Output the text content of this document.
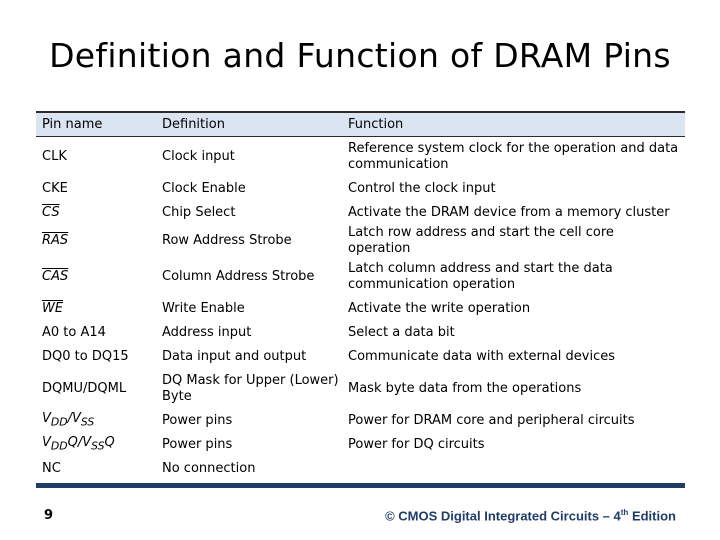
Definition and Function of DRAM Pins
Pin name	Definition	Function
CLK	Clock input	Reference system clock for the operation and data communication
CKE	Clock Enable	Control the clock input
$\overline{CS}$	Chip Select	Activate the DRAM device from a memory cluster
$\overline{RAS}$	Row Address Strobe	Latch row address and start the cell core operation
$\overline{CAS}$	Column Address Strobe	Latch column address and start the data communication operation
$\overline{WE}$	Write Enable	Activate the write operation
A0 to A14	Address input	Select a data bit
DQ0 to DQ15	Data input and output	Communicate data with external devices
DQMU/DQML	DQ Mask for Upper (Lower) Byte	Mask byte data from the operations
$V_{DD}/V_{SS}$	Power pins	Power for DRAM core and peripheral circuits
$V_{DD}Q/V_{SS}Q$	Power pins	Power for DQ circuits
NC	No connection	
9	© CMOS Digital Integrated Circuits – 4th Edition
